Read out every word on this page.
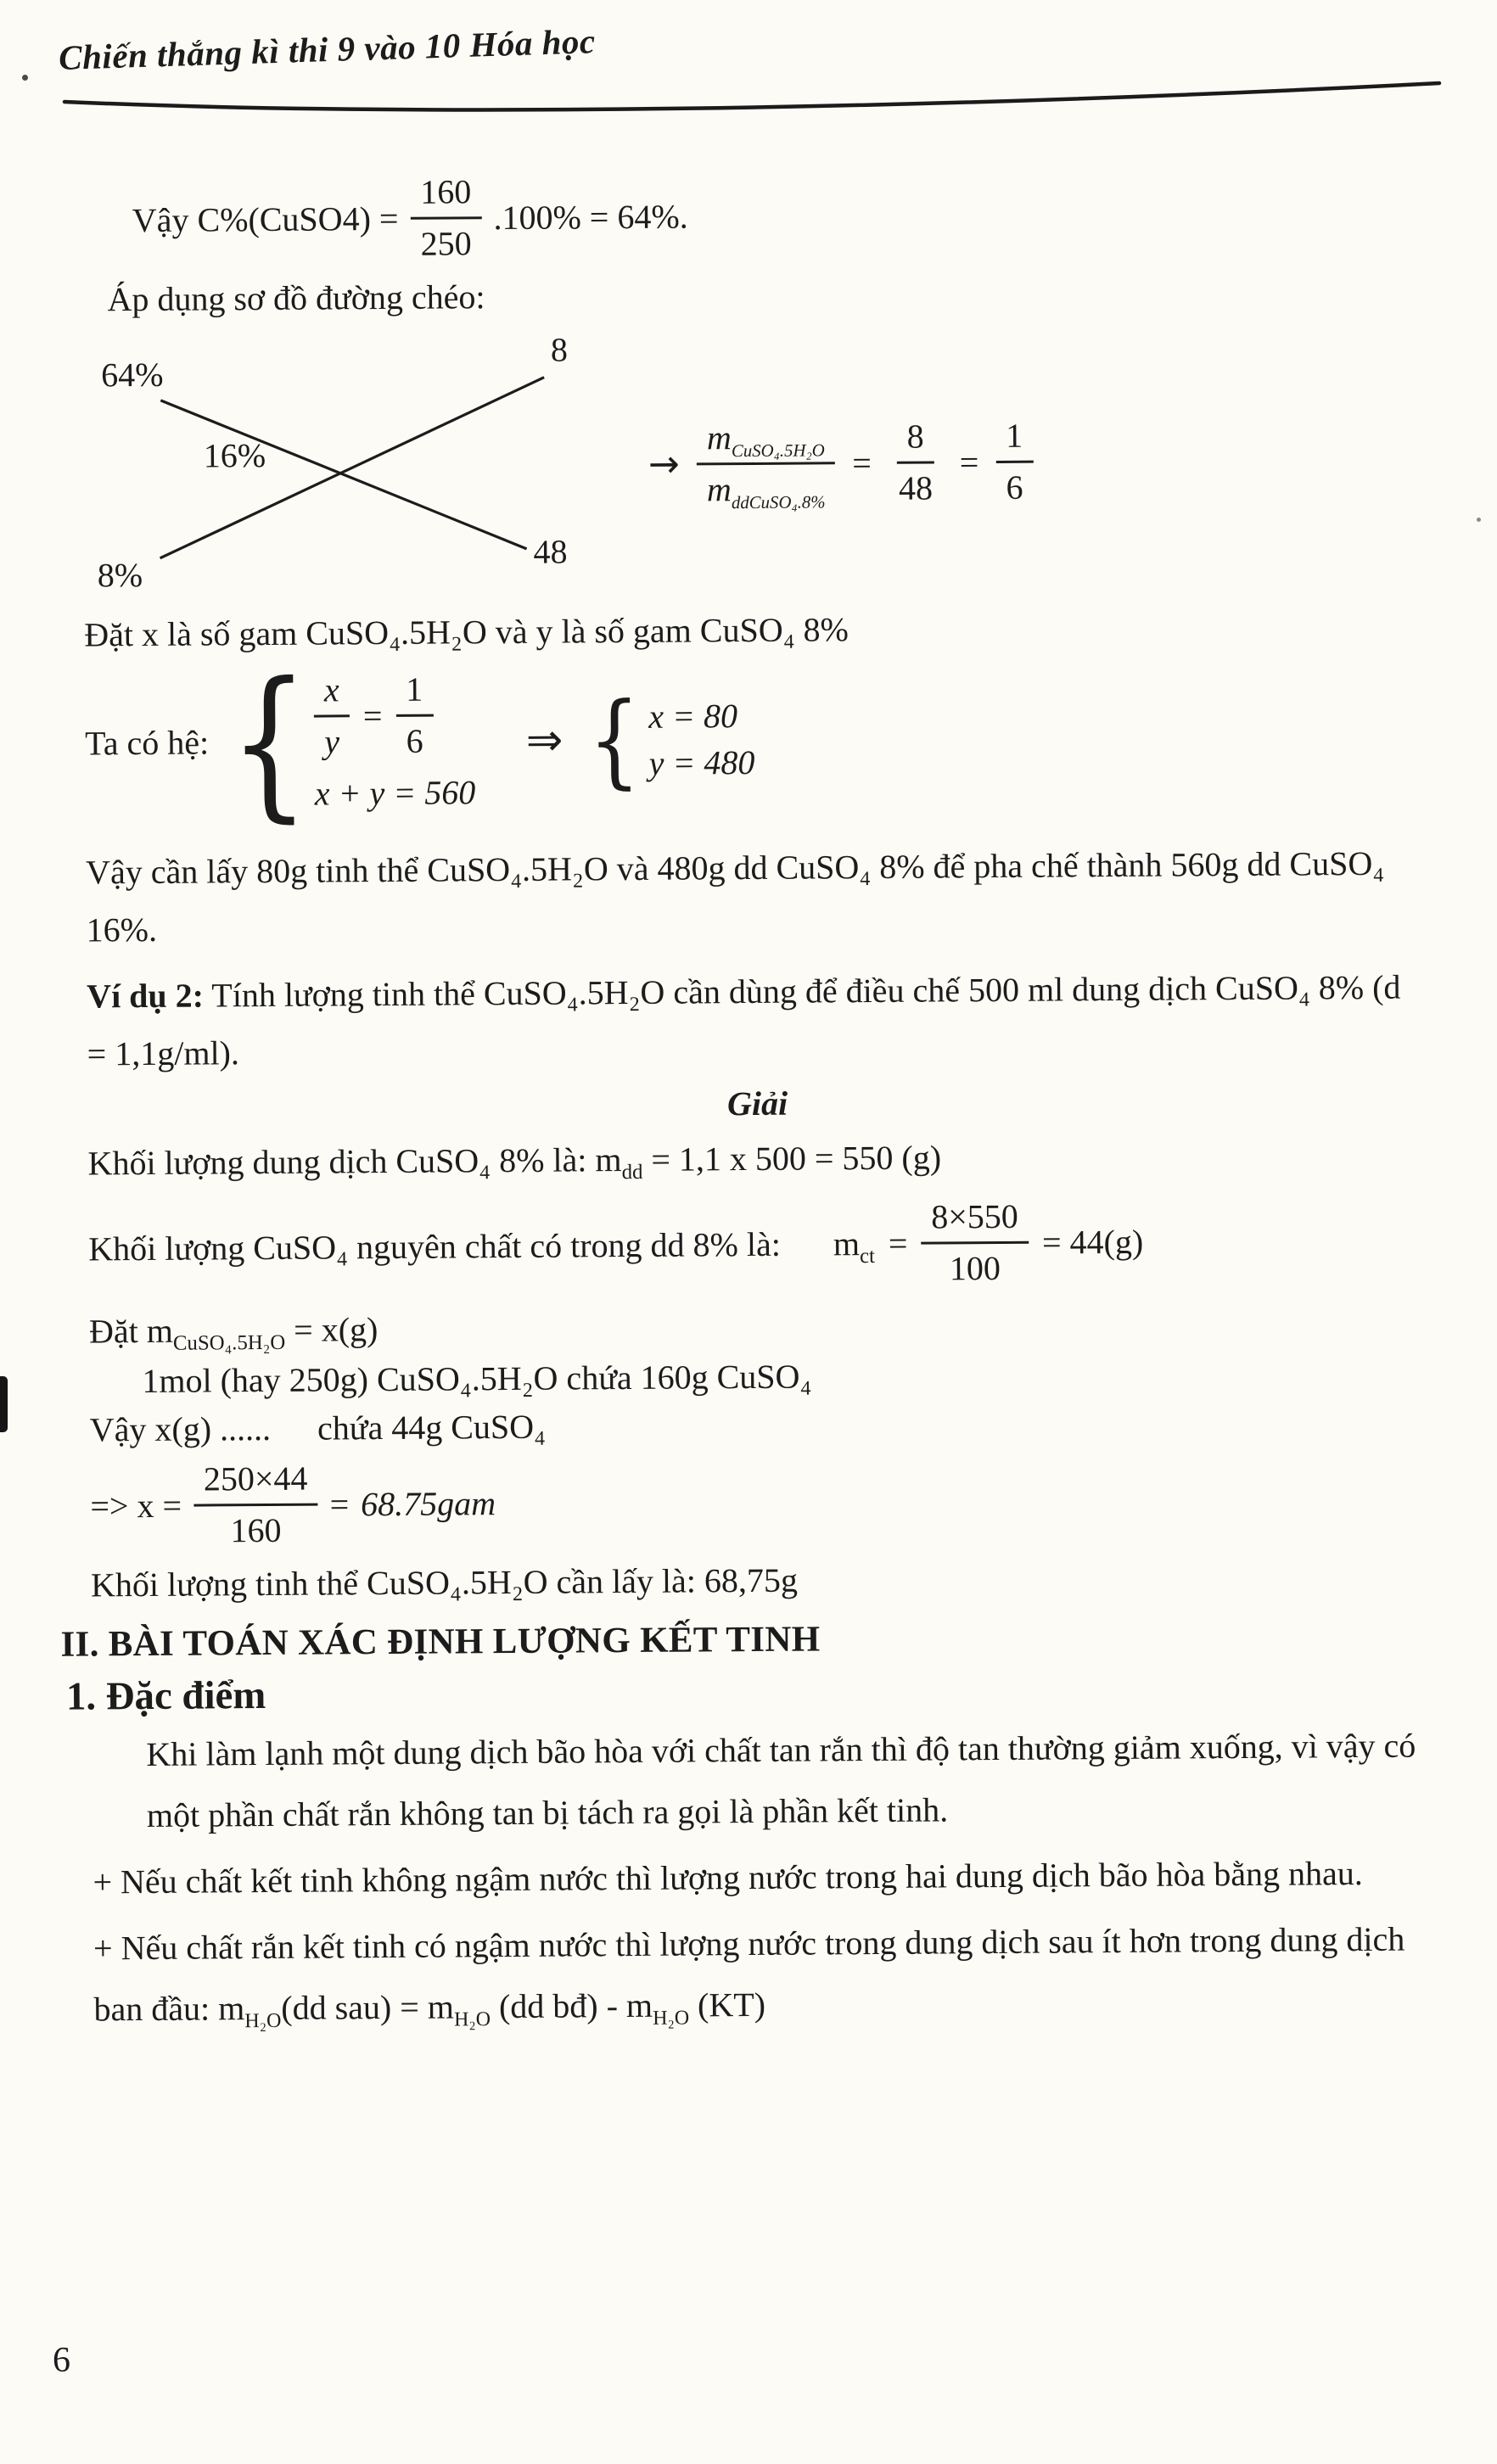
Chiến thắng kì thi 9 vào 10 Hóa học
Vậy C%(CuSO4) = $\frac{160}{250} .100\% = 64\%$.

Áp dụng sơ đồ đường chéo:

64%
8
16%
8%
48
→ $\frac{m_{CuSO_4.5H_2O}}{m_{ddCuSO_4.8\%}} = \frac{8}{48} = \frac{1}{6}$

Đặt x là số gam CuSO₄.5H₂O và y là số gam CuSO₄ 8%

Ta có hệ: { $\frac{x}{y} = \frac{1}{6}$
x + y = 560
⇒ { x = 80
y = 480

Vậy cần lấy 80g tinh thể CuSO₄.5H₂O và 480g dd CuSO₄ 8% để pha chế thành 560g dd CuSO₄ 16%.

Ví dụ 2: Tính lượng tinh thể CuSO₄.5H₂O cần dùng để điều chế 500 ml dung dịch CuSO₄ 8% (d = 1,1g/ml).

Giải

Khối lượng dung dịch CuSO₄ 8% là: $m_{dd} = 1,1$ x 500 = 550 (g)

Khối lượng CuSO₄ nguyên chất có trong dd 8% là: $m_{ct} = \frac{8\times 550}{100} = 44(g)$

Đặt $m_{CuSO_4.5H_2O} = x(g)$

1mol (hay 250g) CuSO₄.5H₂O chứa 160g CuSO₄

Vậy x(g) ...... chứa 44g CuSO₄

=> $x = \frac{250\times 44}{160} = 68.75gam$

Khối lượng tinh thể CuSO₄.5H₂O cần lấy là: 68,75g

II. BÀI TOÁN XÁC ĐỊNH LƯỢNG KẾT TINH
1. Đặc điểm

Khi làm lạnh một dung dịch bão hòa với chất tan rắn thì độ tan thường giảm xuống, vì vậy có một phần chất rắn không tan bị tách ra gọi là phần kết tinh.

+ Nếu chất kết tinh không ngậm nước thì lượng nước trong hai dung dịch bão hòa bằng nhau.

+ Nếu chất rắn kết tinh có ngậm nước thì lượng nước trong dung dịch sau ít hơn trong dung dịch ban đầu: $m_{H_2O}(dd$ $sau) = m_{H_2O}$ (dd bđ) - $m_{H_2O}$ (KT)

6
